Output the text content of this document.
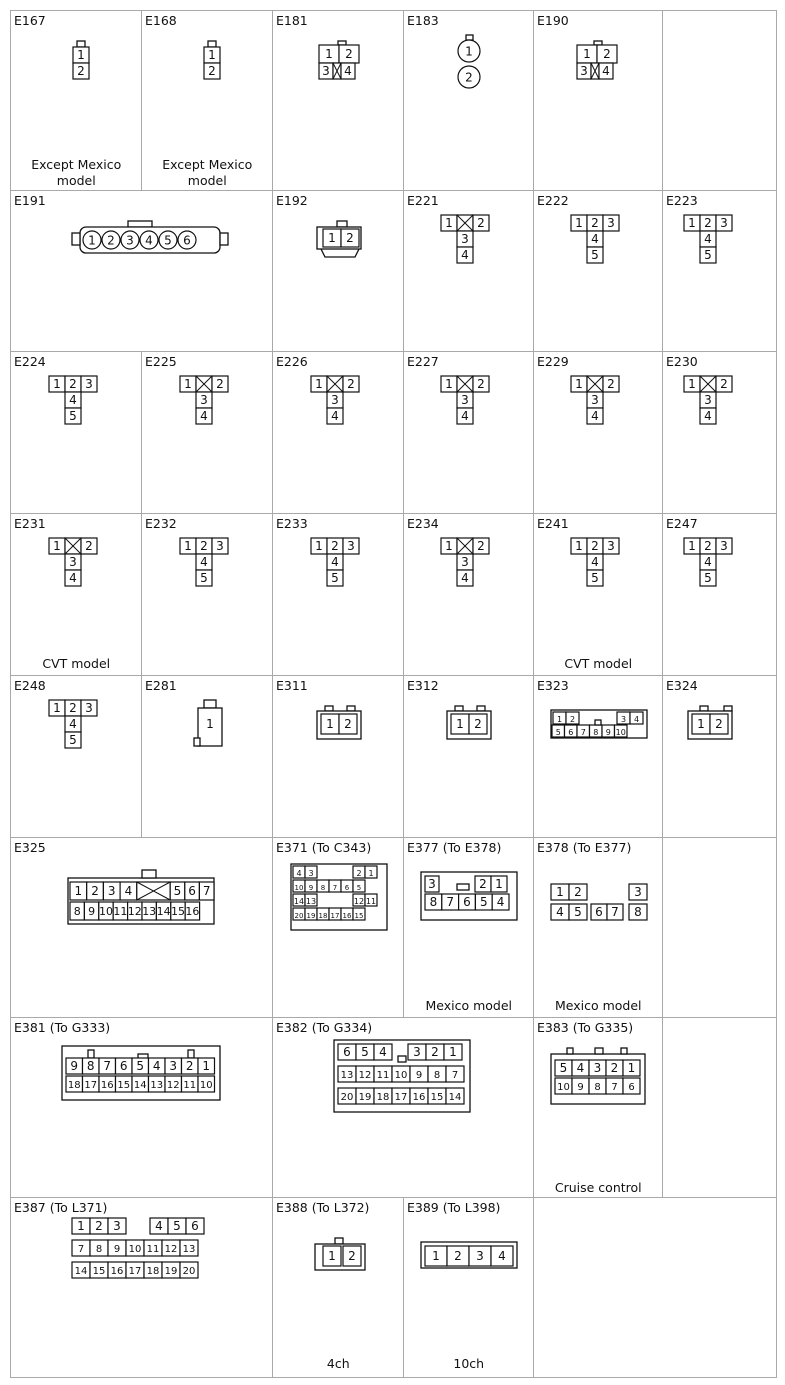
E167
1
2
Except Mexico model
E168
1
2
Except Mexico model
E181
1 2
3 4
E183
1
2
E190
1 2
3 4
E191
1 2 3 4 5 6
E192
1 2
E221
1 2
3
4
E222
1 2 3
4
5
E223
1 2 3
4
5
E224
1 2 3
4
5
E225
1 2
3
4
E226
1 2
3
4
E227
1 2
3
4
E229
1 2
3
4
E230
1 2
3
4
E231
1 2
3
4
CVT model
E232
1 2 3
4
5
E233
1 2 3
4
5
E234
1 2
3
4
E241
1 2 3
4
5
CVT model
E247
1 2 3
4
5
E248
1 2 3
4
5
E281
1
E311
1 2
E312
1 2
E323
1 2	3 4
5 6 7 8 9 10
E324
1 2
E325
1 2 3 4	5 6 7
8 9 10 11 12 13 14 15 16
E371 (To C343)
4 3	2 1
10 9 8 7 6 5
14 13	12 11
20 19 18 17 16 15
E377 (To E378)
3	2 1
8 7 6 5 4
Mexico model
E378 (To E377)
1 2	3
4 5 6 7 8
Mexico model
E381 (To G333)
9 8 7 6 5 4 3 2 1
18 17 16 15 14 13 12 11 10
E382 (To G334)
6 5 4 3 2 1
13 12 11 10 9 8 7
20 19 18 17 16 15 14
E383 (To G335)
5 4 3 2 1
10 9 8 7 6
Cruise control
E387 (To L371)
1 2 3	4 5 6
7 8 9 10 11 12 13
14 15 16 17 18 19 20
E388 (To L372)
1 2
4ch
E389 (To L398)
1 2 3 4
10ch
